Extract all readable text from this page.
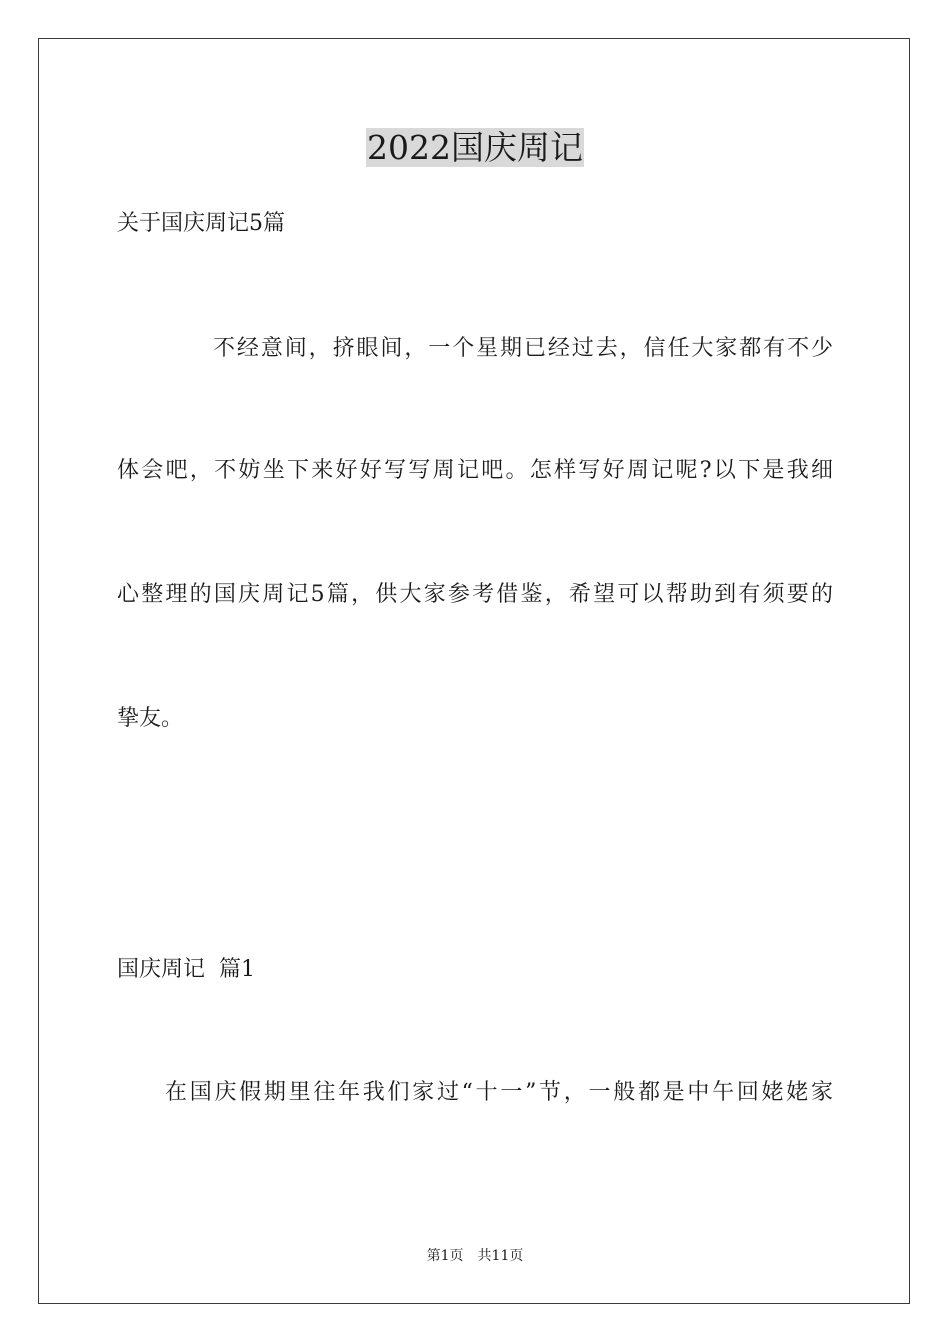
2022国庆周记

关于国庆周记5篇

不经意间，挤眼间，一个星期已经过去，信任大家都有不少

体会吧，不妨坐下来好好写写周记吧。怎样写好周记呢?以下是我细

心整理的国庆周记5篇，供大家参考借鉴，希望可以帮助到有须要的

挚友。

国庆周记  篇1

在国庆假期里往年我们家过“十一”节，一般都是中午回姥姥家

第1页 共11页
